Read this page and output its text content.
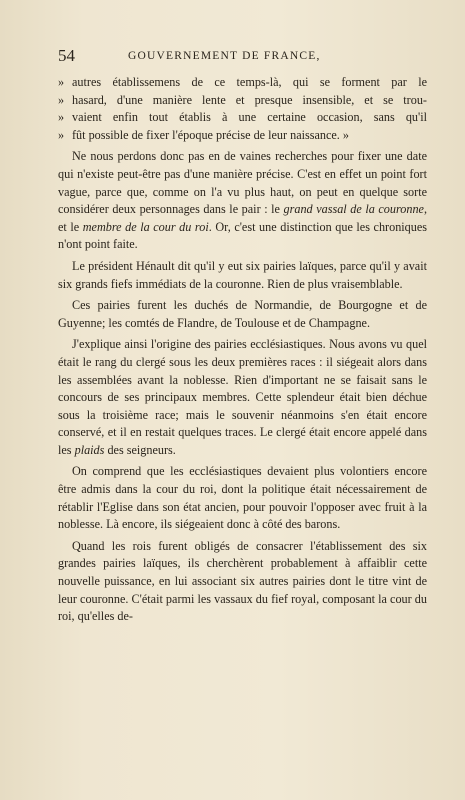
54	GOUVERNEMENT DE FRANCE,
» autres établissemens de ce temps-là, qui se forment par le
» hasard, d'une manière lente et presque insensible, et se trou-
» vaient enfin tout établis à une certaine occasion, sans qu'il
» fût possible de fixer l'époque précise de leur naissance. »

Ne nous perdons donc pas en de vaines recherches pour fixer une date qui n'existe peut-être pas d'une manière précise. C'est en effet un point fort vague, parce que, comme on l'a vu plus haut, on peut en quelque sorte considérer deux personnages dans le pair : le grand vassal de la couronne, et le membre de la cour du roi. Or, c'est une distinction que les chroniques n'ont point faite.

Le président Hénault dit qu'il y eut six pairies laïques, parce qu'il y avait six grands fiefs immédiats de la couronne. Rien de plus vraisemblable.

Ces pairies furent les duchés de Normandie, de Bourgogne et de Guyenne; les comtés de Flandre, de Toulouse et de Champagne.

J'explique ainsi l'origine des pairies ecclésiastiques. Nous avons vu quel était le rang du clergé sous les deux premières races : il siégeait alors dans les assemblées avant la noblesse. Rien d'important ne se faisait sans le concours de ses principaux membres. Cette splendeur était bien déchue sous la troisième race; mais le souvenir néanmoins s'en était encore conservé, et il en restait quelques traces. Le clergé était encore appelé dans les plaids des seigneurs.

On comprend que les ecclésiastiques devaient plus volontiers encore être admis dans la cour du roi, dont la politique était nécessairement de rétablir l'Eglise dans son état ancien, pour pouvoir l'opposer avec fruit à la noblesse. Là encore, ils siégeaient donc à côté des barons.

Quand les rois furent obligés de consacrer l'établissement des six grandes pairies laïques, ils cherchèrent probablement à affaiblir cette nouvelle puissance, en lui associant six autres pairies dont le titre vint de leur couronne. C'était parmi les vassaux du fief royal, composant la cour du roi, qu'elles de-
